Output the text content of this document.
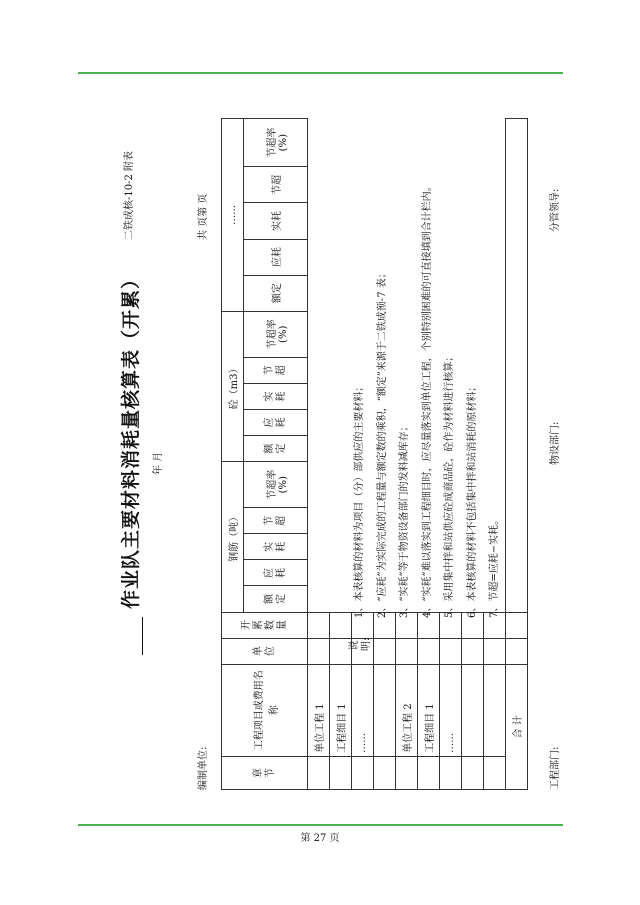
作业队主要材料消耗量核算表（开累）
二铁成核-10-2 附表
年 月
编制单位:
共 页第 页
章节	工程项目或费用名称	单位	开累数量	钢筋（吨）					砼（m3）					……				
				额定	应耗	实耗	节超	节超率(%)	额定	应耗	实耗	节超	节超率(%)	额定	应耗	实耗	节超	节超率(%)
	单位工程 1																	
	工程细目 1																	
	……																	

	单位工程 2																	
	工程细目 1																	
	……																	

合 计																		
说明:
1、本表核算的材料为项目（分）部供应的主要材料；	2、“应耗”为实际完成的工程量与额定数的乘积，“额定”来源于二铁成预-7 表；	3、“实耗”等于物资设备部门的发料减库存；	4、“实耗”难以落实到工程细目时，应尽量落实到单位工程，个别特别困难的可直接填到合计栏内。	5、采用集中拌和站供应砼成商品砼，砼作为材料进行核算；	6、本表核算的材料不包括集中拌和站消耗的原材料；	7、节超=应耗−实耗。
工程部门:
物设部门:
分管领导:
第 27 页
